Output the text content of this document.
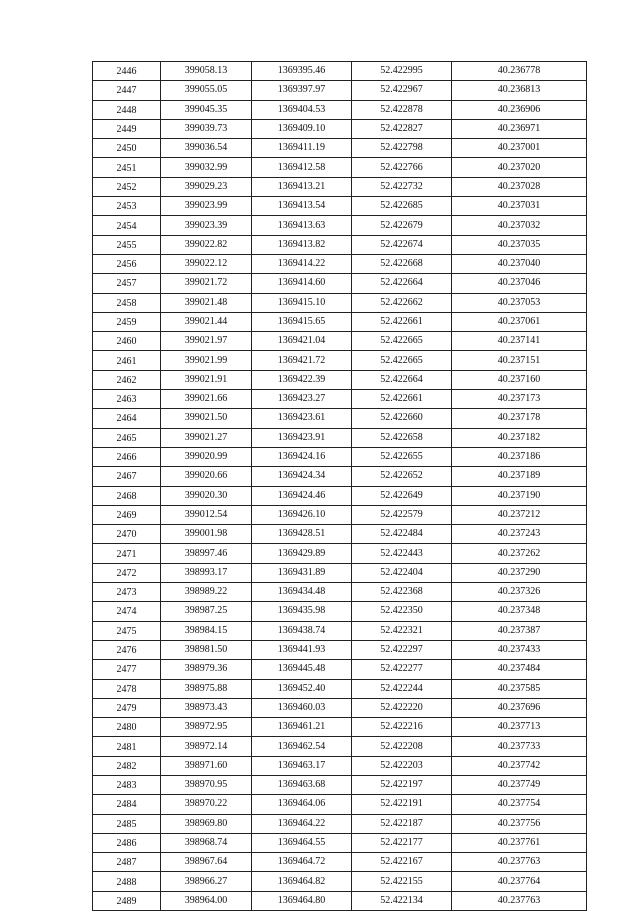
2446	399058.13	1369395.46	52.422995	40.236778
2447	399055.05	1369397.97	52.422967	40.236813
2448	399045.35	1369404.53	52.422878	40.236906
2449	399039.73	1369409.10	52.422827	40.236971
2450	399036.54	1369411.19	52.422798	40.237001
2451	399032.99	1369412.58	52.422766	40.237020
2452	399029.23	1369413.21	52.422732	40.237028
2453	399023.99	1369413.54	52.422685	40.237031
2454	399023.39	1369413.63	52.422679	40.237032
2455	399022.82	1369413.82	52.422674	40.237035
2456	399022.12	1369414.22	52.422668	40.237040
2457	399021.72	1369414.60	52.422664	40.237046
2458	399021.48	1369415.10	52.422662	40.237053
2459	399021.44	1369415.65	52.422661	40.237061
2460	399021.97	1369421.04	52.422665	40.237141
2461	399021.99	1369421.72	52.422665	40.237151
2462	399021.91	1369422.39	52.422664	40.237160
2463	399021.66	1369423.27	52.422661	40.237173
2464	399021.50	1369423.61	52.422660	40.237178
2465	399021.27	1369423.91	52.422658	40.237182
2466	399020.99	1369424.16	52.422655	40.237186
2467	399020.66	1369424.34	52.422652	40.237189
2468	399020.30	1369424.46	52.422649	40.237190
2469	399012.54	1369426.10	52.422579	40.237212
2470	399001.98	1369428.51	52.422484	40.237243
2471	398997.46	1369429.89	52.422443	40.237262
2472	398993.17	1369431.89	52.422404	40.237290
2473	398989.22	1369434.48	52.422368	40.237326
2474	398987.25	1369435.98	52.422350	40.237348
2475	398984.15	1369438.74	52.422321	40.237387
2476	398981.50	1369441.93	52.422297	40.237433
2477	398979.36	1369445.48	52.422277	40.237484
2478	398975.88	1369452.40	52.422244	40.237585
2479	398973.43	1369460.03	52.422220	40.237696
2480	398972.95	1369461.21	52.422216	40.237713
2481	398972.14	1369462.54	52.422208	40.237733
2482	398971.60	1369463.17	52.422203	40.237742
2483	398970.95	1369463.68	52.422197	40.237749
2484	398970.22	1369464.06	52.422191	40.237754
2485	398969.80	1369464.22	52.422187	40.237756
2486	398968.74	1369464.55	52.422177	40.237761
2487	398967.64	1369464.72	52.422167	40.237763
2488	398966.27	1369464.82	52.422155	40.237764
2489	398964.00	1369464.80	52.422134	40.237763
